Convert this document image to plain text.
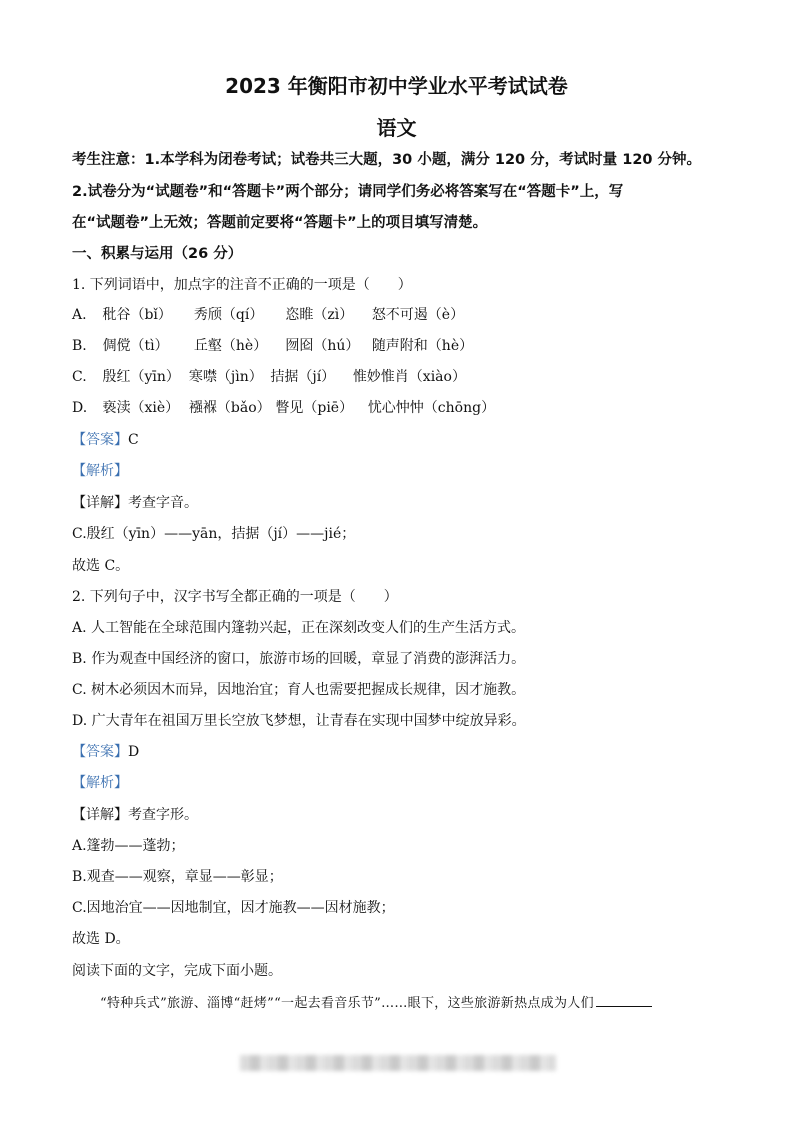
2023 年衡阳市初中学业水平考试试卷
语文
考生注意：1.本学科为闭卷考试；试卷共三大题，30 小题，满分 120 分，考试时量 120 分钟。
2.试卷分为“试题卷”和“答题卡”两个部分；请同学们务必将答案写在“答题卡”上，写
在“试题卷”上无效；答题前定要将“答题卡”上的项目填写清楚。
一、积累与运用（26 分）
1. 下列词语中，加点字的注音不正确的一项是（　　）
A. 秕谷（bǐ） 秀颀（qí） 恣睢（zì） 怒不可遏（è）
B. 倜傥（tì） 丘壑（hè） 囫囵（hú） 随声附和（hè）
C. 殷红（yīn） 寒噤（jìn） 拮据（jí） 惟妙惟肖（xiào）
D. 亵渎（xiè） 襁褓（bǎo） 瞥见（piē） 忧心忡忡（chōng）
【答案】C
【解析】
【详解】考查字音。
C.殷红（yīn）——yān，拮据（jí）——jié；
故选 C。
2. 下列句子中，汉字书写全都正确的一项是（　　）
A. 人工智能在全球范围内篷勃兴起，正在深刻改变人们的生产生活方式。
B. 作为观查中国经济的窗口，旅游市场的回暖，章显了消费的澎湃活力。
C. 树木必须因木而异，因地治宜；育人也需要把握成长规律，因才施教。
D. 广大青年在祖国万里长空放飞梦想，让青春在实现中国梦中绽放异彩。
【答案】D
【解析】
【详解】考查字形。
A.篷勃——蓬勃；
B.观查——观察，章显——彰显；
C.因地治宜——因地制宜，因才施教——因材施教；
故选 D。
阅读下面的文字，完成下面小题。
“特种兵式”旅游、淄博“赶烤”“一起去看音乐节”……眼下，这些旅游新热点成为人们
